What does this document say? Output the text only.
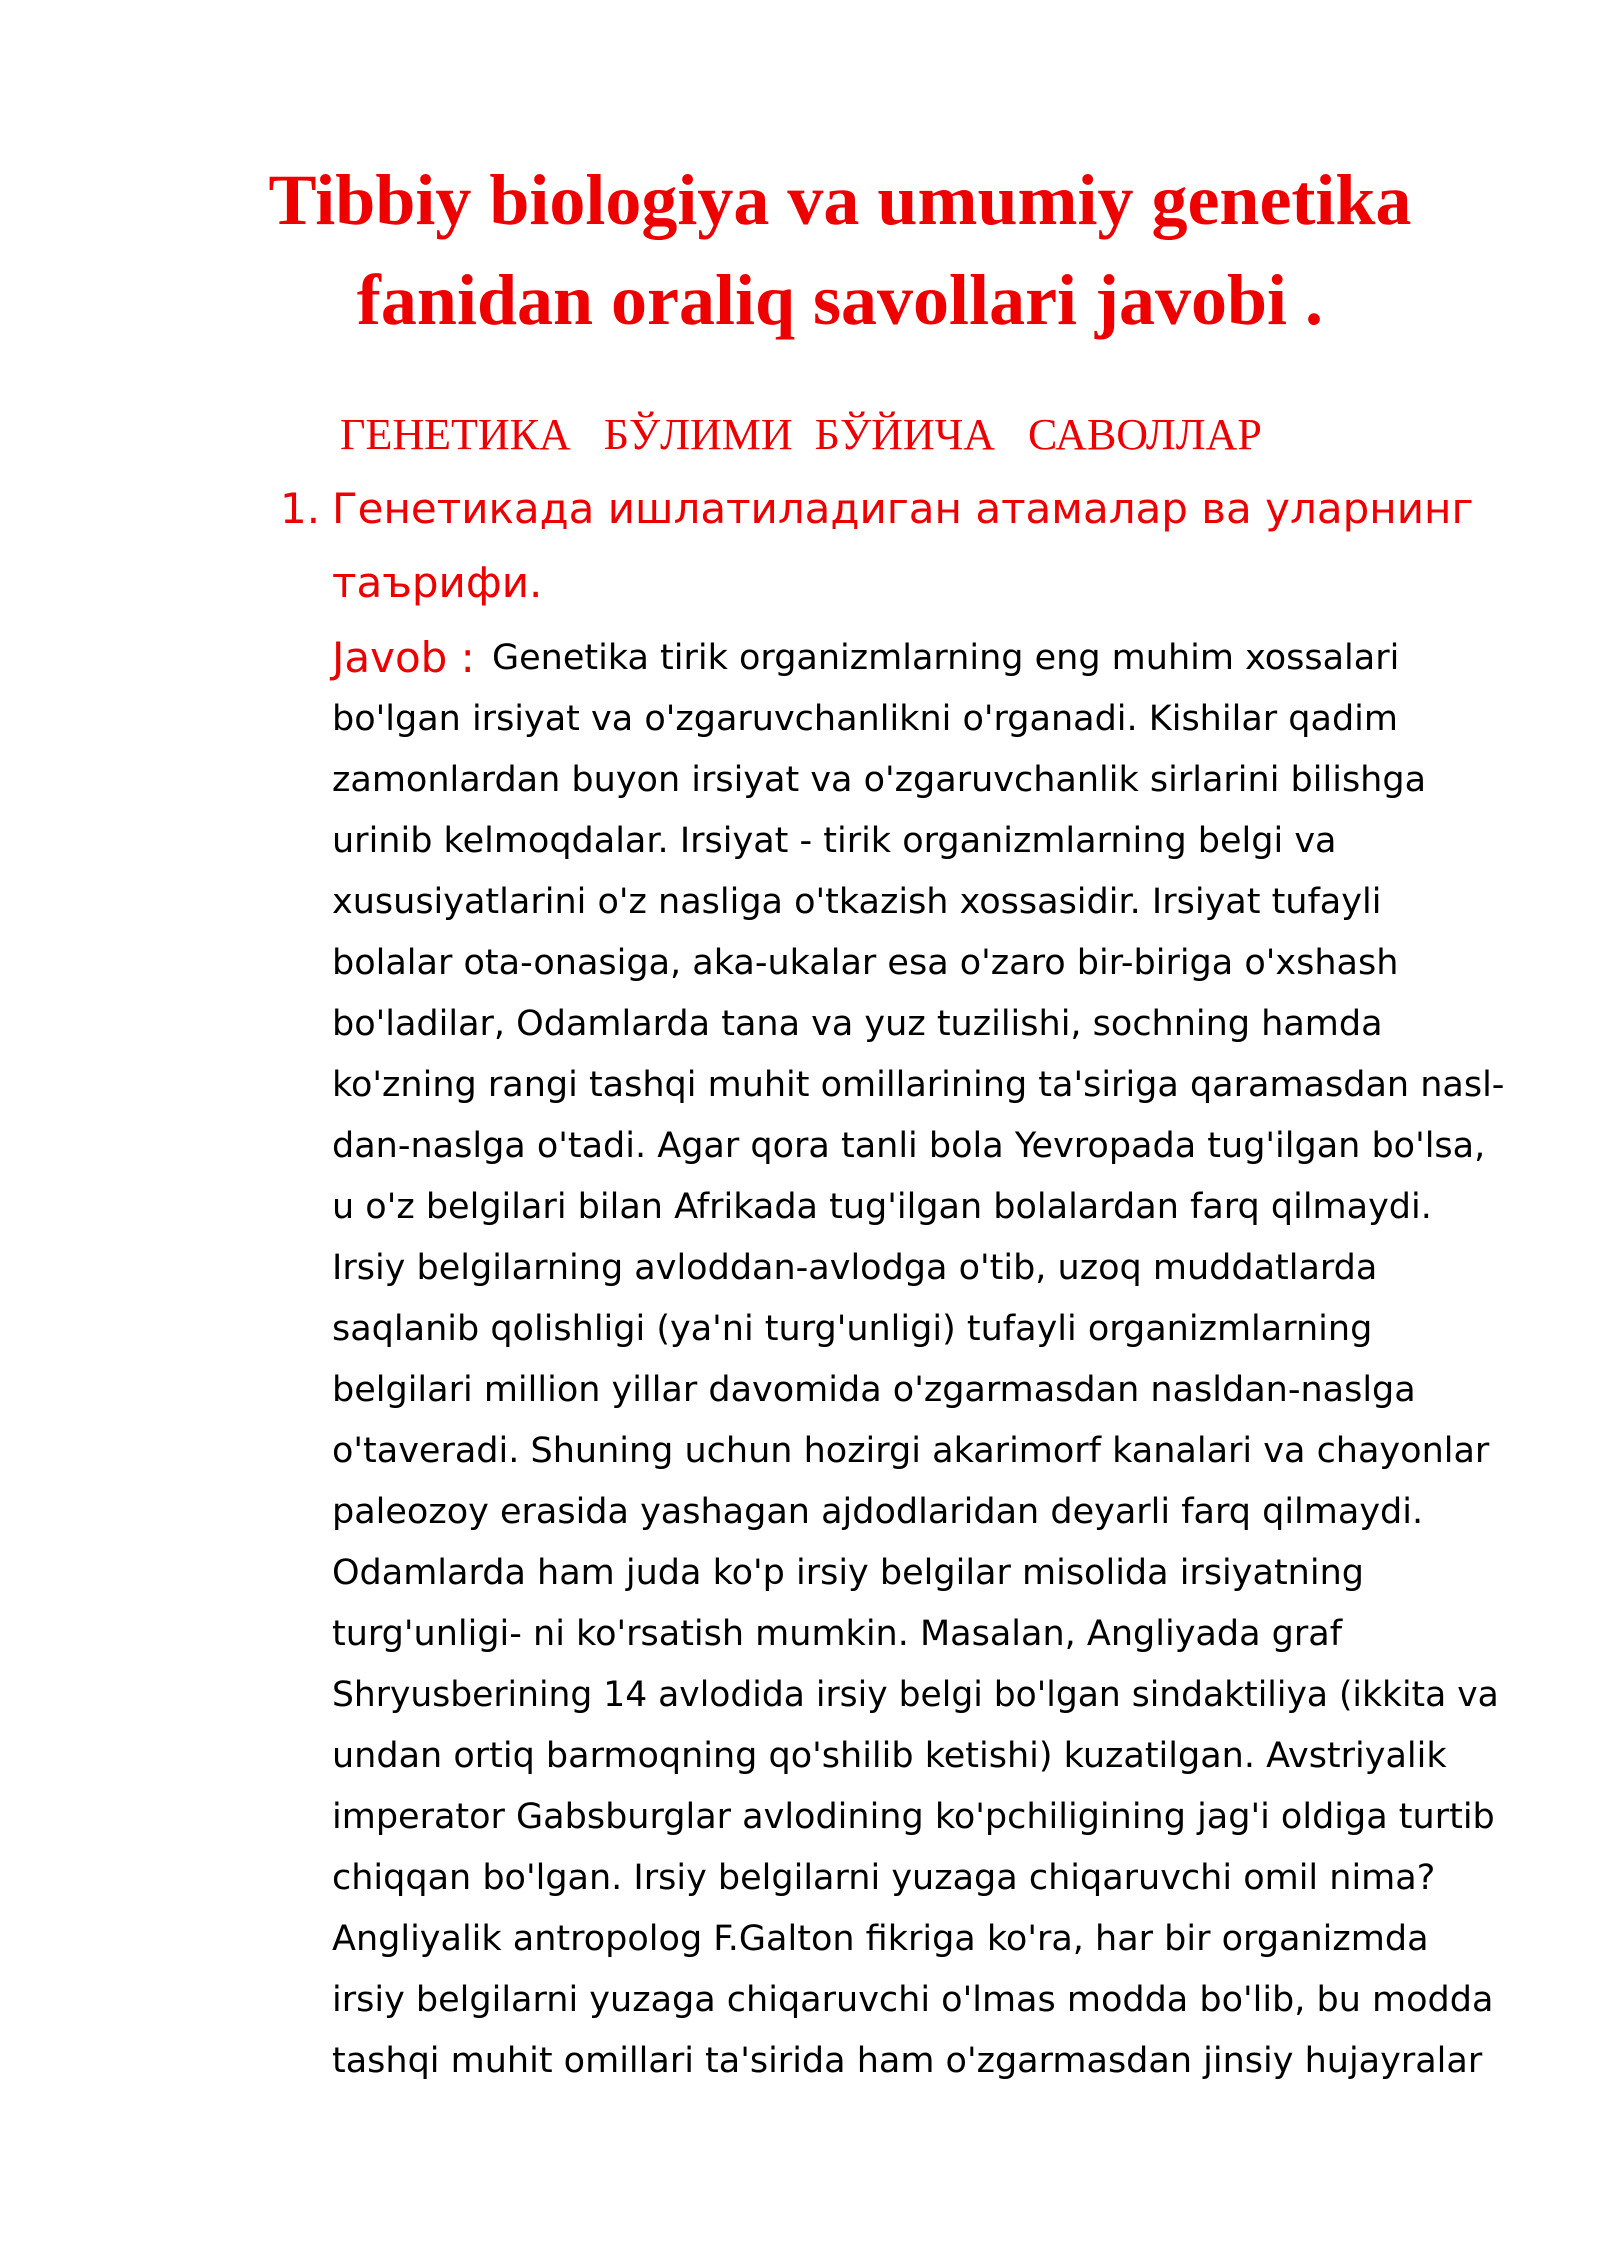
Tibbiy biologiya va umumiy genetika fanidan oraliq savollari javobi .
ГЕНЕТИКА   БЎЛИМИ  БЎЙИЧА   САВОЛЛАР
1. Генетикада ишлатиладиган атамалар ва уларнинг таърифи.
Javob : Genetika tirik organizmlarning eng muhim xossalari
bo'lgan irsiyat va o'zgaruvchanlikni o'rganadi. Kishilar qadim
zamonlardan buyon irsiyat va o'zgaruvchanlik sirlarini bilishga
urinib kelmoqdalar. Irsiyat - tirik organizmlarning belgi va
xususiyatlarini o'z nasliga o'tkazish xossasidir. Irsiyat tufayli
bolalar ota-onasiga, aka-ukalar esa o'zaro bir-biriga o'xshash
bo'ladilar, Odamlarda tana va yuz tuzilishi, sochning hamda
ko'zning rangi tashqi muhit omillarining ta'siriga qaramasdan nasl-
dan-naslga o'tadi. Agar qora tanli bola Yevropada tug'ilgan bo'lsa,
u o'z belgilari bilan Afrikada tug'ilgan bolalardan farq qilmaydi.
Irsiy belgilarning avloddan-avlodga o'tib, uzoq muddatlarda
saqlanib qolishligi (ya'ni turg'unligi) tufayli organizmlarning
belgilari million yillar davomida o'zgarmasdan nasldan-naslga
o'taveradi. Shuning uchun hozirgi akarimorf kanalari va chayonlar
paleozoy erasida yashagan ajdodlaridan deyarli farq qilmaydi.
Odamlarda ham juda ko'p irsiy belgilar misolida irsiyatning
turg'unligi- ni ko'rsatish mumkin. Masalan, Angliyada graf
Shryusberining 14 avlodida irsiy belgi bo'lgan sindaktiliya (ikkita va
undan ortiq barmoqning qo'shilib ketishi) kuzatilgan. Avstriyalik
imperator Gabsburglar avlodining ko'pchiligining jag'i oldiga turtib
chiqqan bo'lgan. Irsiy belgilarni yuzaga chiqaruvchi omil nima?
Angliyalik antropolog F.Galton fikriga ko'ra, har bir organizmda
irsiy belgilarni yuzaga chiqaruvchi o'lmas modda bo'lib, bu modda
tashqi muhit omillari ta'sirida ham o'zgarmasdan jinsiy hujayralar
